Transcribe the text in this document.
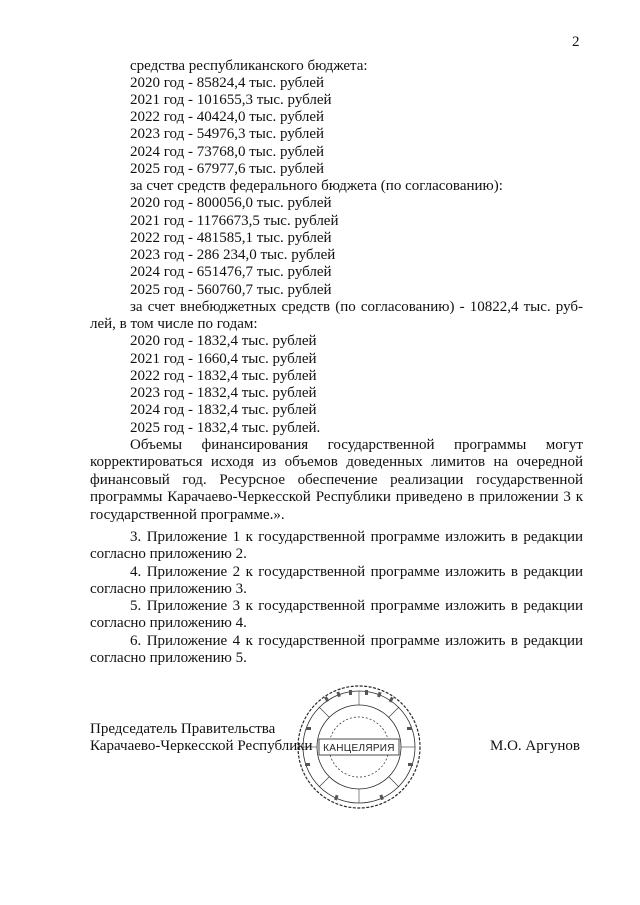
2
средства республиканского бюджета:
2020 год - 85824,4 тыс. рублей
2021 год - 101655,3 тыс. рублей
2022 год - 40424,0 тыс. рублей
2023 год - 54976,3 тыс. рублей
2024 год - 73768,0 тыс. рублей
2025 год - 67977,6 тыс. рублей
за счет средств федерального бюджета (по согласованию):
2020 год - 800056,0 тыс. рублей
2021 год - 1176673,5 тыс. рублей
2022 год - 481585,1 тыс. рублей
2023 год - 286 234,0 тыс. рублей
2024 год - 651476,7 тыс. рублей
2025 год - 560760,7 тыс. рублей
за счет внебюджетных средств (по согласованию) - 10822,4 тыс. руб-
лей, в том числе по годам:
2020 год - 1832,4 тыс. рублей
2021 год - 1660,4 тыс. рублей
2022 год - 1832,4 тыс. рублей
2023 год - 1832,4 тыс. рублей
2024 год - 1832,4 тыс. рублей
2025 год - 1832,4 тыс. рублей.
Объемы финансирования государственной программы могут корректироваться исходя из объемов доведенных лимитов на очередной финансовый год. Ресурсное обеспечение реализации государственной программы Карачаево-Черкесской Республики приведено в приложении 3 к государственной программе.».
3. Приложение 1 к государственной программе изложить в редакции согласно приложению 2.
4. Приложение 2 к государственной программе изложить в редакции согласно приложению 3.
5. Приложение 3 к государственной программе изложить в редакции согласно приложению 4.
6. Приложение 4 к государственной программе изложить в редакции согласно приложению 5.
КАНЦЕЛЯРИЯ
Председатель Правительства
Карачаево-Черкесской Республики	М.О. Аргунов
